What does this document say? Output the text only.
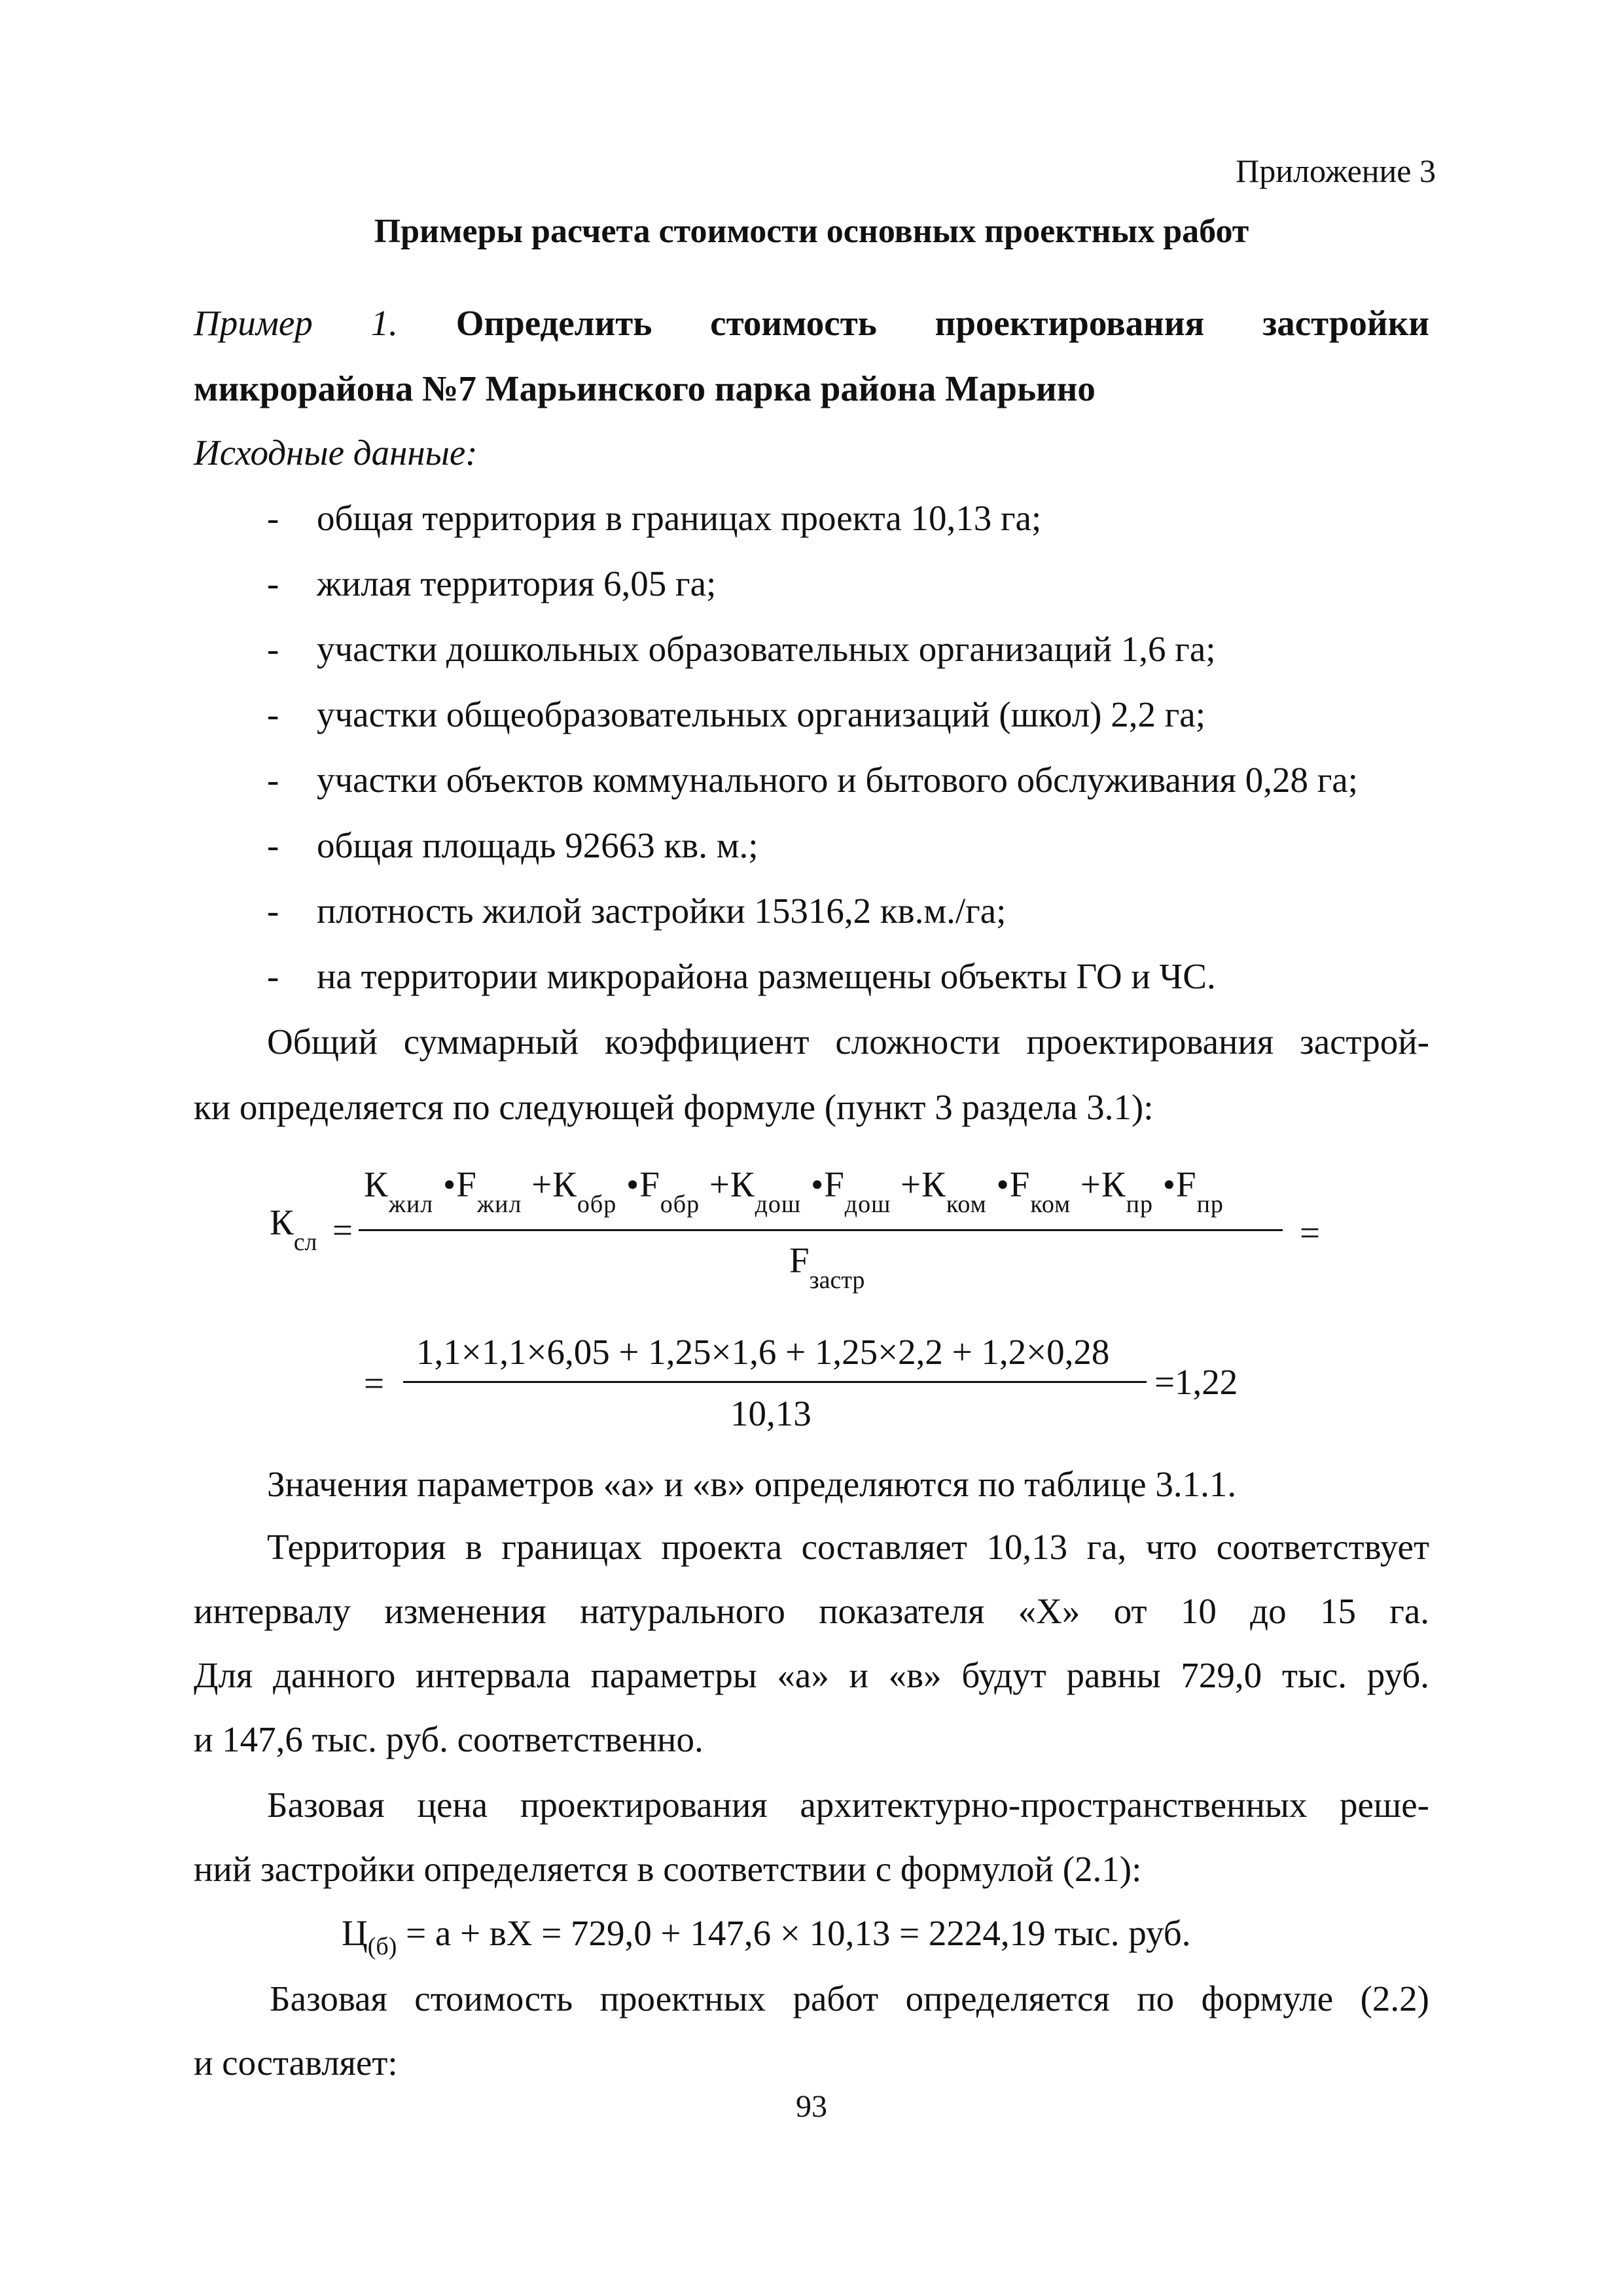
Приложение 3
Примеры расчета стоимости основных проектных работ
Пример 1. Определить стоимость проектирования застройки
микрорайона №7 Марьинского парка района Марьино
Исходные данные:
- общая территория в границах проекта 10,13 га;
- жилая территория 6,05 га;
- участки дошкольных образовательных организаций 1,6 га;
- участки общеобразовательных организаций (школ) 2,2 га;
- участки объектов коммунального и бытового обслуживания 0,28 га;
- общая площадь 92663 кв. м.;
- плотность жилой застройки 15316,2 кв.м./га;
- на территории микрорайона размещены объекты ГО и ЧС.
Общий суммарный коэффициент сложности проектирования застрой-
ки определяется по следующей формуле (пункт 3 раздела 3.1):
$К_{сл}$ =
$К_{жил}$ $•F_{жил} +К_{обр}$ $•F_{обр} +К_{дош}$ $•F_{дош} +К_{ком}$ $•F_{ком} +К_{пр}$ $•F_{пр}$
$F_{застр}$
=
=
1,1×1,1×6,05 + 1,25×1,6 + 1,25×2,2 + 1,2×0,28
10,13
=1,22
Значения параметров «а» и «в» определяются по таблице 3.1.1.
Территория в границах проекта составляет 10,13 га, что соответствует
интервалу изменения натурального показателя «Х» от 10 до 15 га.
Для данного интервала параметры «а» и «в» будут равны 729,0 тыс. руб.
и 147,6 тыс. руб. соответственно.
Базовая цена проектирования архитектурно-пространственных реше-
ний застройки определяется в соответствии с формулой (2.1):
$Ц_{(б)} = а$ + вХ = 729,0 + 147,6 × 10,13 = 2224,19 тыс. руб.
Базовая стоимость проектных работ определяется по формуле (2.2)
и составляет:
93
